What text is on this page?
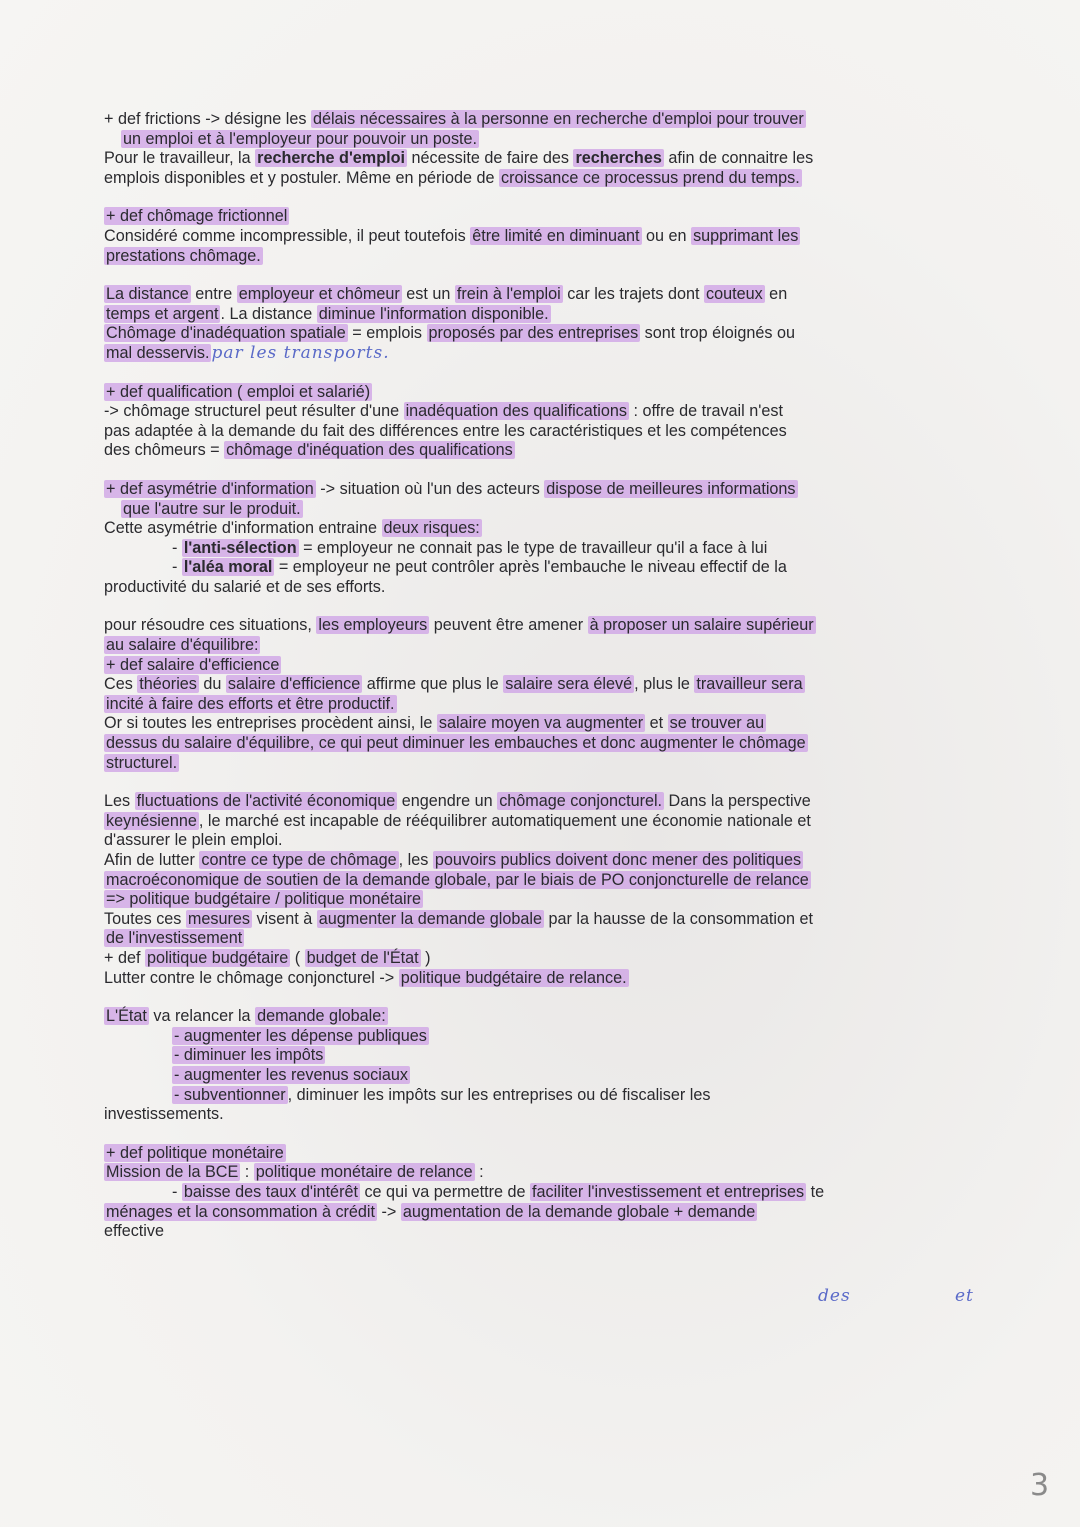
+ def frictions -> désigne les délais nécessaires à la personne en recherche d'emploi pour trouver

un emploi et à l'employeur pour pouvoir un poste.

Pour le travailleur, la recherche d'emploi nécessite de faire des recherches afin de connaitre les

emplois disponibles et y postuler. Même en période de croissance ce processus prend du temps.

+ def chômage frictionnel

Considéré comme incompressible, il peut toutefois être limité en diminuant ou en supprimant les

prestations chômage.

La distance entre employeur et chômeur est un frein à l'emploi car les trajets dont couteux en

temps et argent . La distance diminue l'information disponible.

Chômage d'inadéquation spatiale = emplois proposés par des entreprises sont trop éloignés ou

mal desservis. par les transports.

+ def qualification ( emploi et salarié)

-> chômage structurel peut résulter d'une inadéquation des qualifications : offre de travail n'est

pas adaptée à la demande du fait des différences entre les caractéristiques et les compétences

des chômeurs = chômage d'inéquation des qualifications

+ def asymétrie d'information -> situation où l'un des acteurs dispose de meilleures informations

que l'autre sur le produit.

Cette asymétrie d'information entraine deux risques:

- l'anti-sélection = employeur ne connait pas le type de travailleur qu'il a face à lui

- l'aléa moral = employeur ne peut contrôler après l'embauche le niveau effectif de la

productivité du salarié et de ses efforts.

pour résoudre ces situations, les employeurs peuvent être amener à proposer un salaire supérieur

au salaire d'équilibre:

+ def salaire d'efficience

Ces théories du salaire d'efficience affirme que plus le salaire sera élevé , plus le travailleur sera

incité à faire des efforts et être productif.

Or si toutes les entreprises procèdent ainsi, le salaire moyen va augmenter et se trouver au

dessus du salaire d'équilibre, ce qui peut diminuer les embauches et donc augmenter le chômage

structurel.

Les fluctuations de l'activité économique engendre un chômage conjoncturel. Dans la perspective

keynésienne , le marché est incapable de rééquilibrer automatiquement une économie nationale et

d'assurer le plein emploi.

Afin de lutter contre ce type de chômage , les pouvoirs publics doivent donc mener des politiques

macroéconomique de soutien de la demande globale, par le biais de PO conjoncturelle de relance

=> politique budgétaire / politique monétaire

Toutes ces mesures visent à augmenter la demande globale par la hausse de la consommation et

de l'investissement

+ def politique budgétaire ( budget de l'État )

Lutter contre le chômage conjoncturel -> politique budgétaire de relance.

L'État va relancer la demande globale:

- augmenter les dépense publiques

- diminuer les impôts

- augmenter les revenus sociaux

- subventionner , diminuer les impôts sur les entreprises ou dé fiscaliser les

investissements.

+ def politique monétaire

Mission de la BCE : politique monétaire de relance :

- baisse des taux d'intérêt ce qui va permettre de faciliter l'investissement et entreprises te

ménages et la consommation à crédit -> augmentation de la demande globale + demande

effective

des	et
3
